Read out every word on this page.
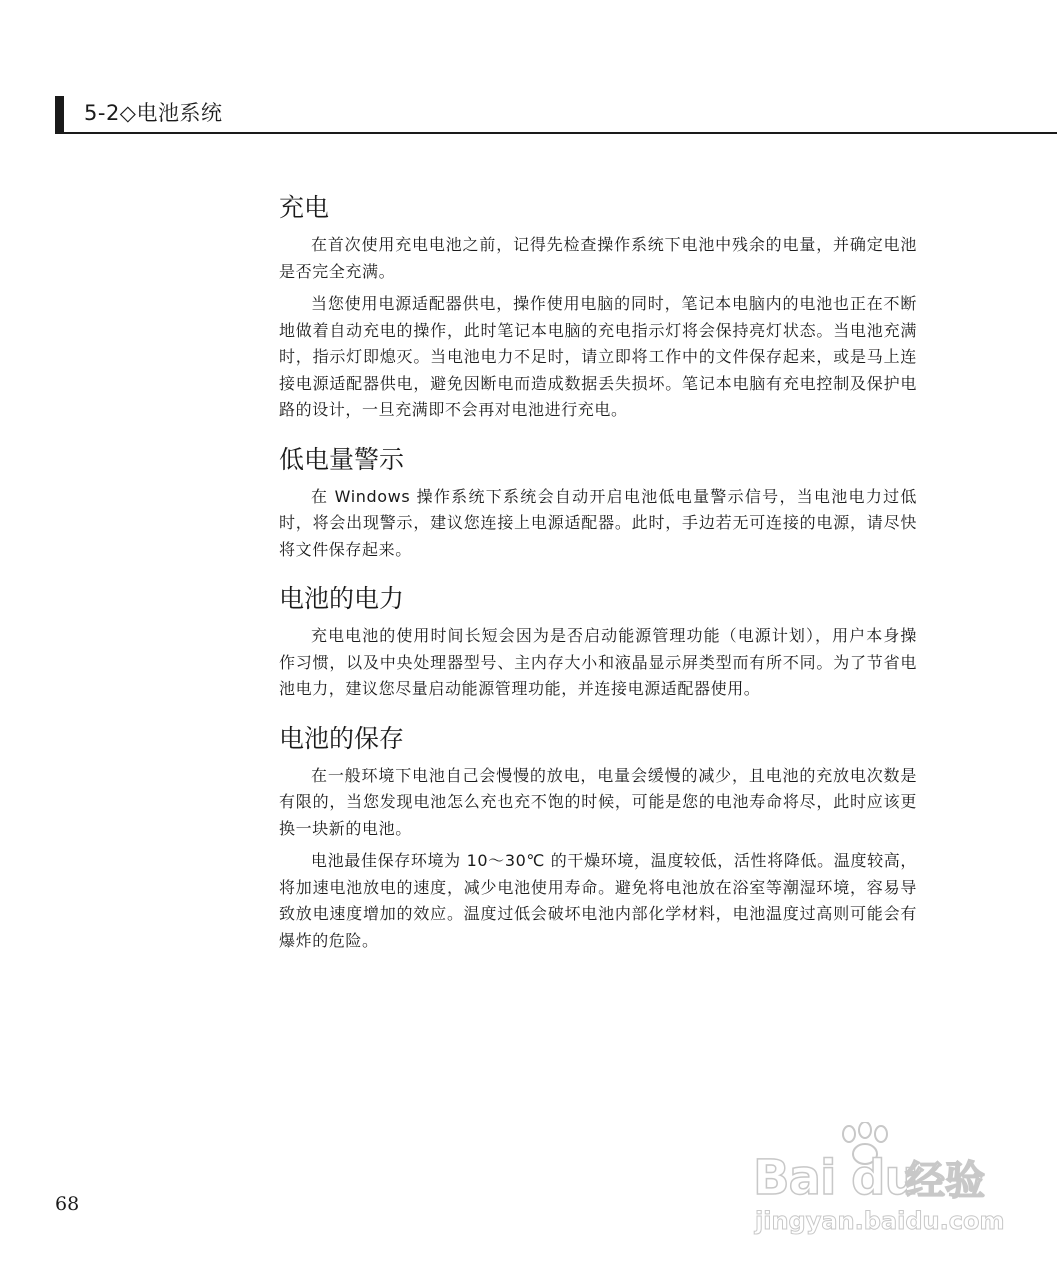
5-2◇电池系统
充电

在首次使用充电电池之前，记得先检查操作系统下电池中残余的电量，并确定电池是否完全充满。

当您使用电源适配器供电，操作使用电脑的同时，笔记本电脑内的电池也正在不断地做着自动充电的操作，此时笔记本电脑的充电指示灯将会保持亮灯状态。当电池充满时，指示灯即熄灭。当电池电力不足时，请立即将工作中的文件保存起来，或是马上连接电源适配器供电，避免因断电而造成数据丢失损坏。笔记本电脑有充电控制及保护电路的设计，一旦充满即不会再对电池进行充电。

低电量警示

在 Windows 操作系统下系统会自动开启电池低电量警示信号，当电池电力过低时，将会出现警示，建议您连接上电源适配器。此时，手边若无可连接的电源，请尽快将文件保存起来。

电池的电力

充电电池的使用时间长短会因为是否启动能源管理功能（电源计划），用户本身操作习惯，以及中央处理器型号、主内存大小和液晶显示屏类型而有所不同。为了节省电池电力，建议您尽量启动能源管理功能，并连接电源适配器使用。

电池的保存

在一般环境下电池自己会慢慢的放电，电量会缓慢的减少，且电池的充放电次数是有限的，当您发现电池怎么充也充不饱的时候，可能是您的电池寿命将尽，此时应该更换一块新的电池。

电池最佳保存环境为 10～30℃ 的干燥环境，温度较低，活性将降低。温度较高，将加速电池放电的速度，减少电池使用寿命。避免将电池放在浴室等潮湿环境，容易导致放电速度增加的效应。温度过低会破坏电池内部化学材料，电池温度过高则可能会有爆炸的危险。

68	Bai du
经验
jingyan.baidu.com
